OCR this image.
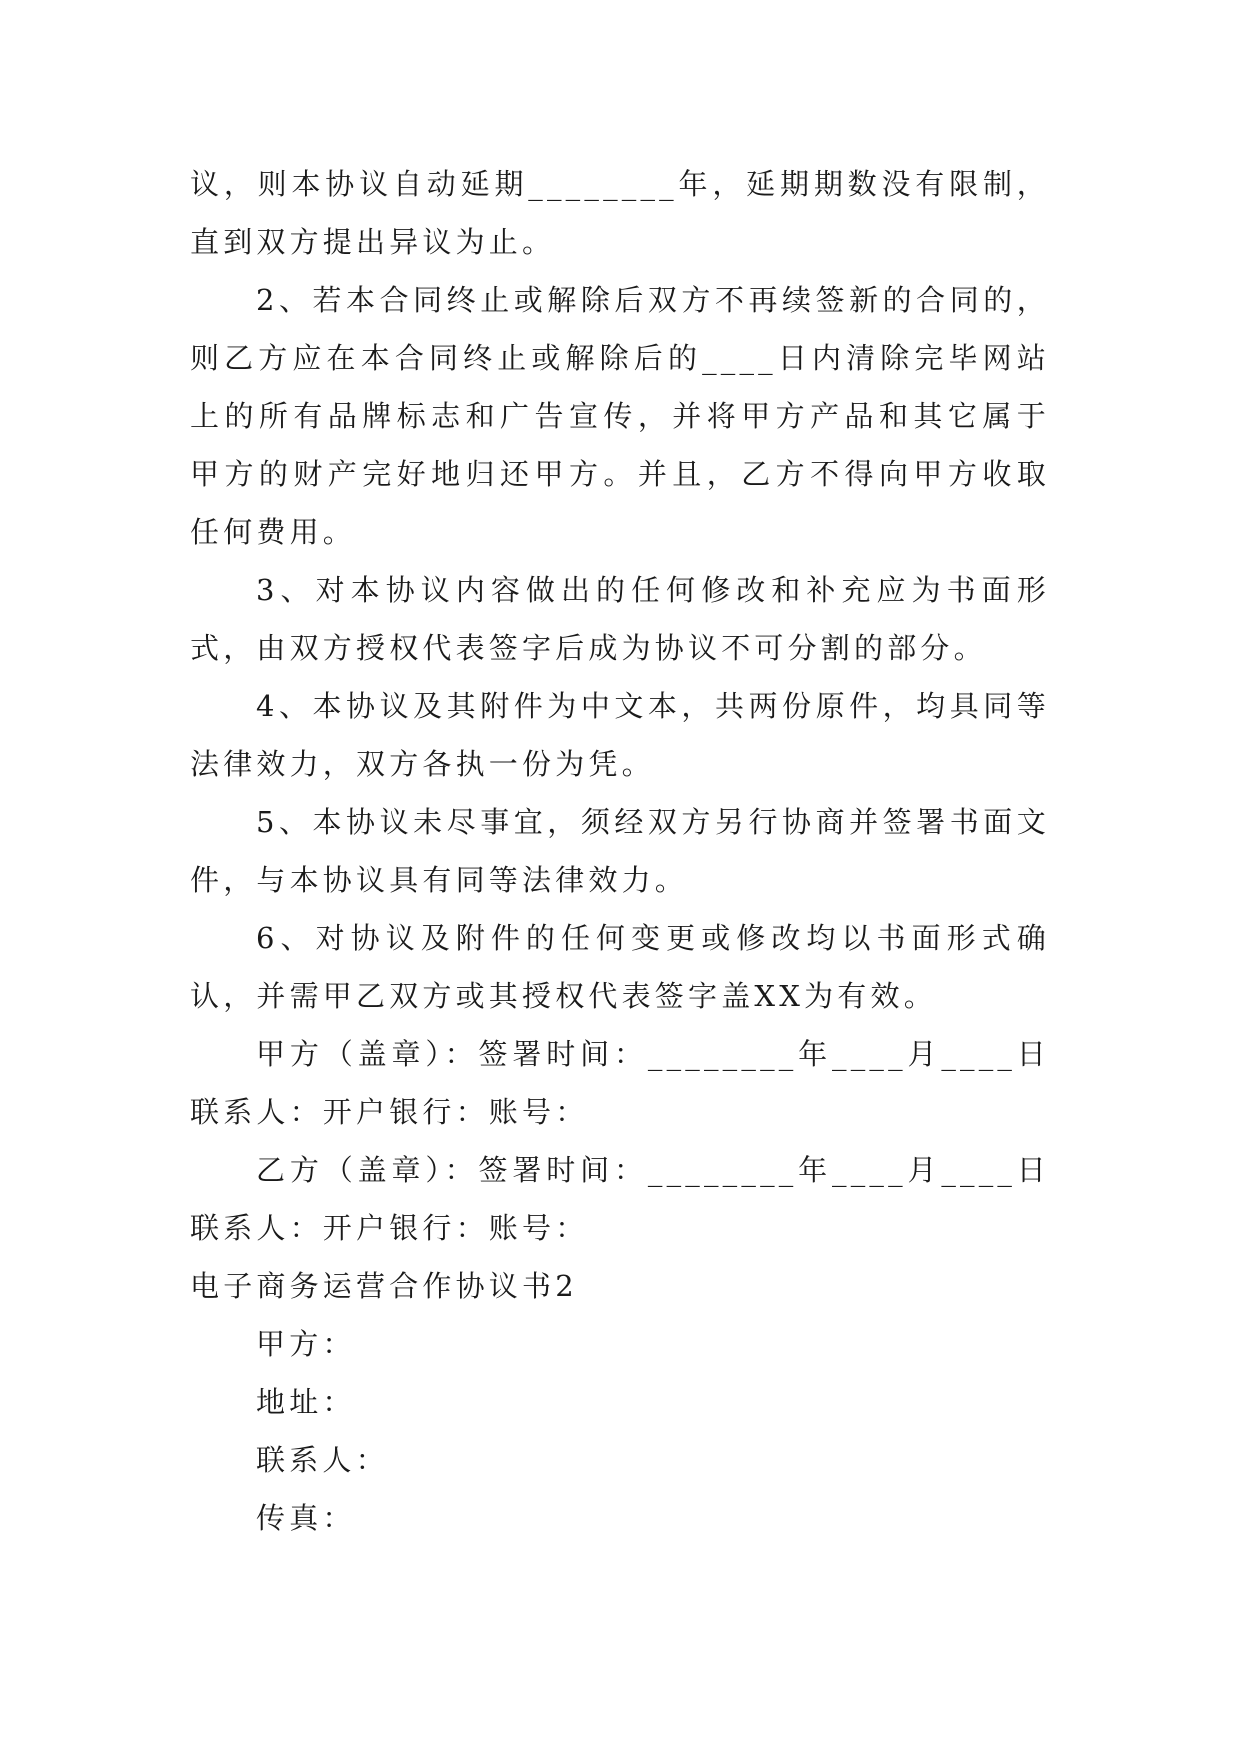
议，则本协议自动延期________年，延期期数没有限制，直到双方提出异议为止。

2、若本合同终止或解除后双方不再续签新的合同的，则乙方应在本合同终止或解除后的____日内清除完毕网站上的所有品牌标志和广告宣传，并将甲方产品和其它属于甲方的财产完好地归还甲方。并且，乙方不得向甲方收取任何费用。

3、对本协议内容做出的任何修改和补充应为书面形式，由双方授权代表签字后成为协议不可分割的部分。

4、本协议及其附件为中文本，共两份原件，均具同等法律效力，双方各执一份为凭。

5、本协议未尽事宜，须经双方另行协商并签署书面文件，与本协议具有同等法律效力。

6、对协议及附件的任何变更或修改均以书面形式确认，并需甲乙双方或其授权代表签字盖XX为有效。

甲方（盖章）：签署时间：________年____月____日联系人：开户银行：账号：

乙方（盖章）：签署时间：________年____月____日联系人：开户银行：账号：

电子商务运营合作协议书2

甲方：

地址：

联系人：

传真：
